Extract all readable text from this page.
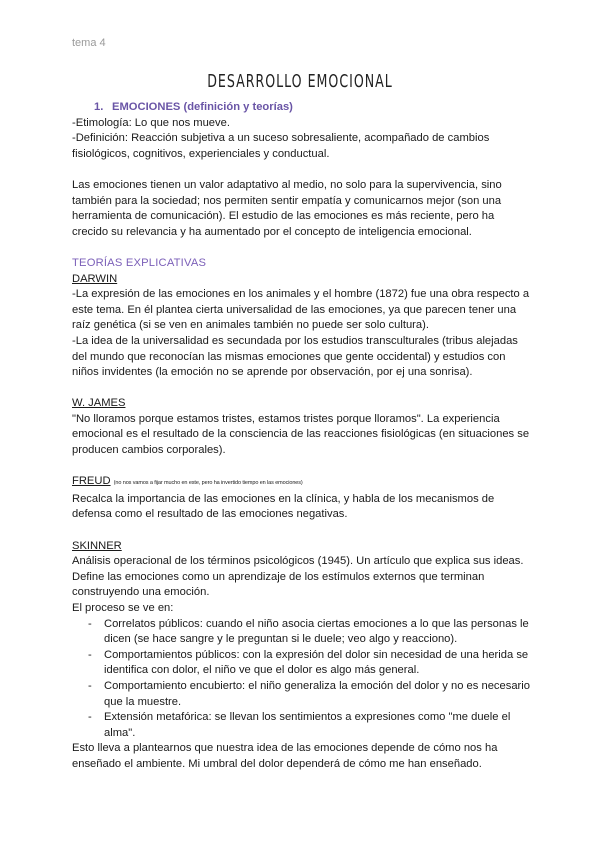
tema 4
DESARROLLO EMOCIONAL
1. EMOCIONES (definición y teorías)

-Etimología: Lo que nos mueve.

-Definición: Reacción subjetiva a un suceso sobresaliente, acompañado de cambios fisiológicos, cognitivos, experienciales y conductual.

Las emociones tienen un valor adaptativo al medio, no solo para la supervivencia, sino también para la sociedad; nos permiten sentir empatía y comunicarnos mejor (son una herramienta de comunicación). El estudio de las emociones es más reciente, pero ha crecido su relevancia y ha aumentado por el concepto de inteligencia emocional.

TEORÍAS EXPLICATIVAS

DARWIN

-La expresión de las emociones en los animales y el hombre (1872) fue una obra respecto a este tema. En él plantea cierta universalidad de las emociones, ya que parecen tener una raíz genética (si se ven en animales también no puede ser solo cultura).

-La idea de la universalidad es secundada por los estudios transculturales (tribus alejadas del mundo que reconocían las mismas emociones que gente occidental) y estudios con niños invidentes (la emoción no se aprende por observación, por ej una sonrisa).

W. JAMES

"No lloramos porque estamos tristes, estamos tristes porque lloramos". La experiencia emocional es el resultado de la consciencia de las reacciones fisiológicas (en situaciones se producen cambios corporales).

FREUD (no nos vamos a fijar mucho en este, pero ha invertido tiempo en las emociones)

Recalca la importancia de las emociones en la clínica, y habla de los mecanismos de defensa como el resultado de las emociones negativas.

SKINNER

Análisis operacional de los términos psicológicos (1945). Un artículo que explica sus ideas.

Define las emociones como un aprendizaje de los estímulos externos que terminan construyendo una emoción.

El proceso se ve en:

- Correlatos públicos: cuando el niño asocia ciertas emociones a lo que las personas le dicen (se hace sangre y le preguntan si le duele; veo algo y reacciono).
- Comportamientos públicos: con la expresión del dolor sin necesidad de una herida se identifica con dolor, el niño ve que el dolor es algo más general.
- Comportamiento encubierto: el niño generaliza la emoción del dolor y no es necesario que la muestre.
- Extensión metafórica: se llevan los sentimientos a expresiones como "me duele el alma".

Esto lleva a plantearnos que nuestra idea de las emociones depende de cómo nos ha enseñado el ambiente. Mi umbral del dolor dependerá de cómo me han enseñado.
